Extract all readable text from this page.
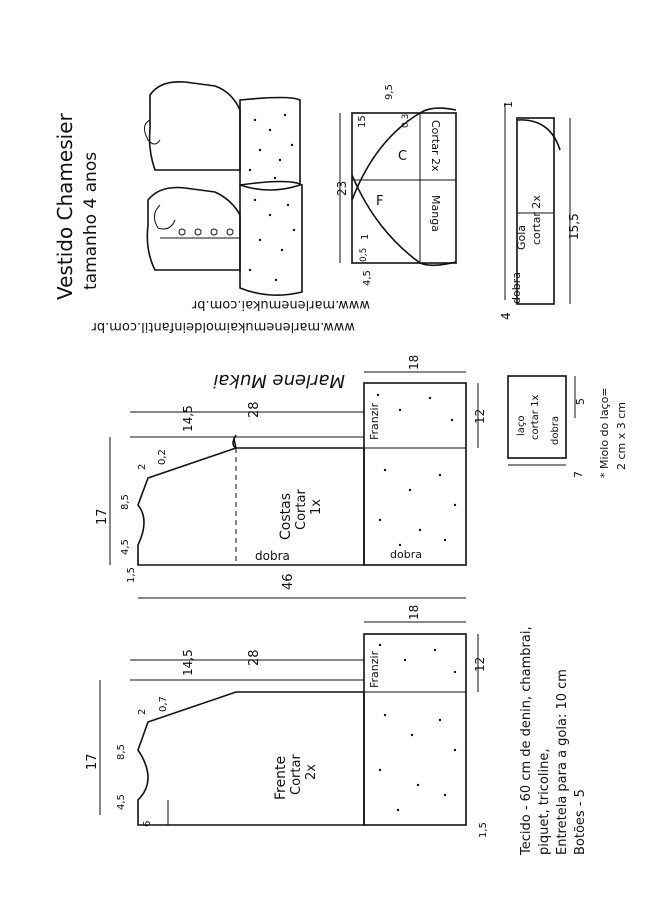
Vestido Chamesier tamanho 4 anos
www.marlenemukai.com.br
www.marlenemukaimoldeinfantil.com.br
Marlene Mukai
C
F
Cortar 2x
Manga
23
9,5
15	0,3
1
0,5
4,5
Gola cortar 2x
dobra
15,5
4
1
laço cortar 1x dobra
5
7 * Miolo do laço= 2 cm x 3 cm
Costas Cortar 1x
dobra
28
14,5
2
0,2
17
4,5
8,5
1,5
Franzir
dobra
18
12
46
Frente Cortar 2x
28
14,5
2 0,7
17
4,5
8,5
6	1,5
Franzir
18
12 Tecido - 60 cm de denin, chambrai, piquet, tricoline, Entretela para a gola: 10 cm Botões - 5
